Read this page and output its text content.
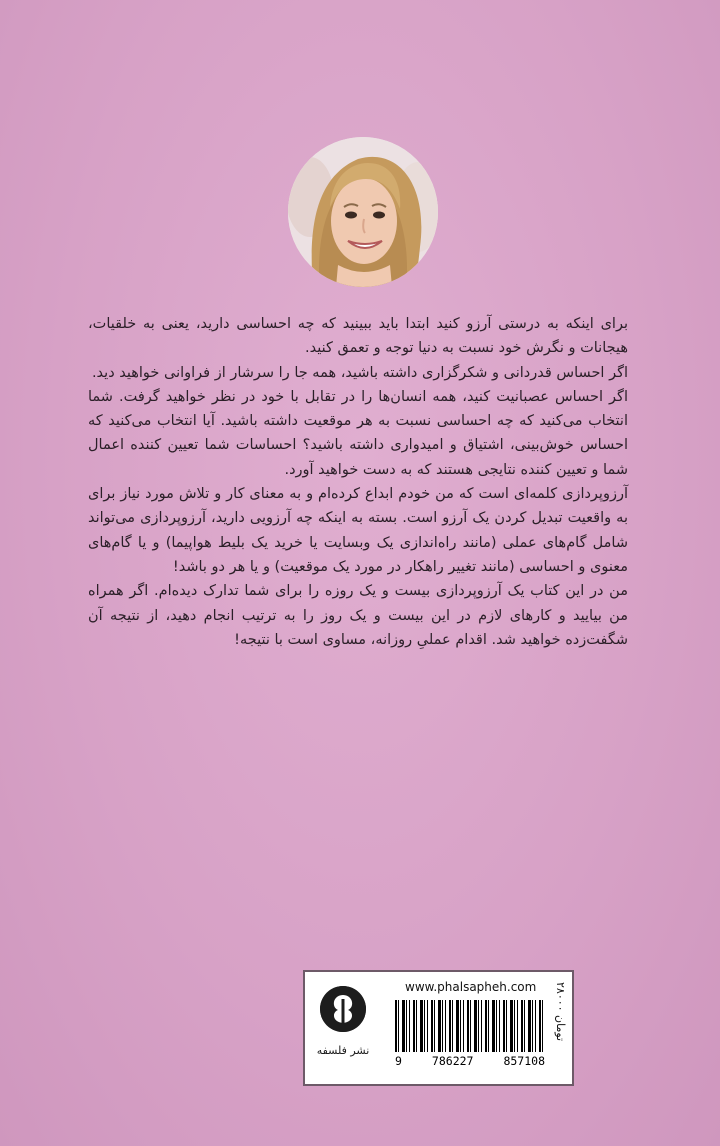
برای اینکه به درستی آرزو کنید ابتدا باید ببینید که چه احساسی دارید، یعنی به خلقیات، هیجانات و نگرش خود نسبت به دنیا توجه و تعمق کنید.

اگر احساس قدردانی و شکرگزاری داشته باشید، همه جا را سرشار از فراوانی خواهید دید.

اگر احساس عصبانیت کنید، همه انسان‌ها را در تقابل با خود در نظر خواهید گرفت. شما انتخاب می‌کنید که چه احساسی نسبت به هر موقعیت داشته باشید. آیا انتخاب می‌کنید که احساس خوش‌بینی، اشتیاق و امیدواری داشته باشید؟ احساسات شما تعیین کننده اعمال شما و تعیین کننده نتایجی هستند که به دست خواهید آورد.

آرزوپردازی کلمه‌ای است که من خودم ابداع کرده‌ام و به معنای کار و تلاش مورد نیاز برای به واقعیت تبدیل کردن یک آرزو است. بسته به اینکه چه آرزویی دارید، آرزوپردازی می‌تواند شامل گام‌های عملی (مانند راه‌اندازی یک وبسایت یا خرید یک بلیط هواپیما) و یا گام‌های معنوی و احساسی (مانند تغییر راهکار در مورد یک موقعیت) و یا هر دو باشد!

من در این کتاب یک آرزوپردازی بیست و یک روزه را برای شما تدارک دیده‌ام. اگر همراه من بیایید و کارهای لازم در این بیست و یک روز را به ترتیب انجام دهید، از نتیجه آن شگفت‌زده خواهید شد. اقدام عملیِ روزانه، مساوی است با نتیجه!

نشر فلسفه
www.phalsapheh.com
9	786227	857108
۲۸۰۰۰ تومان
